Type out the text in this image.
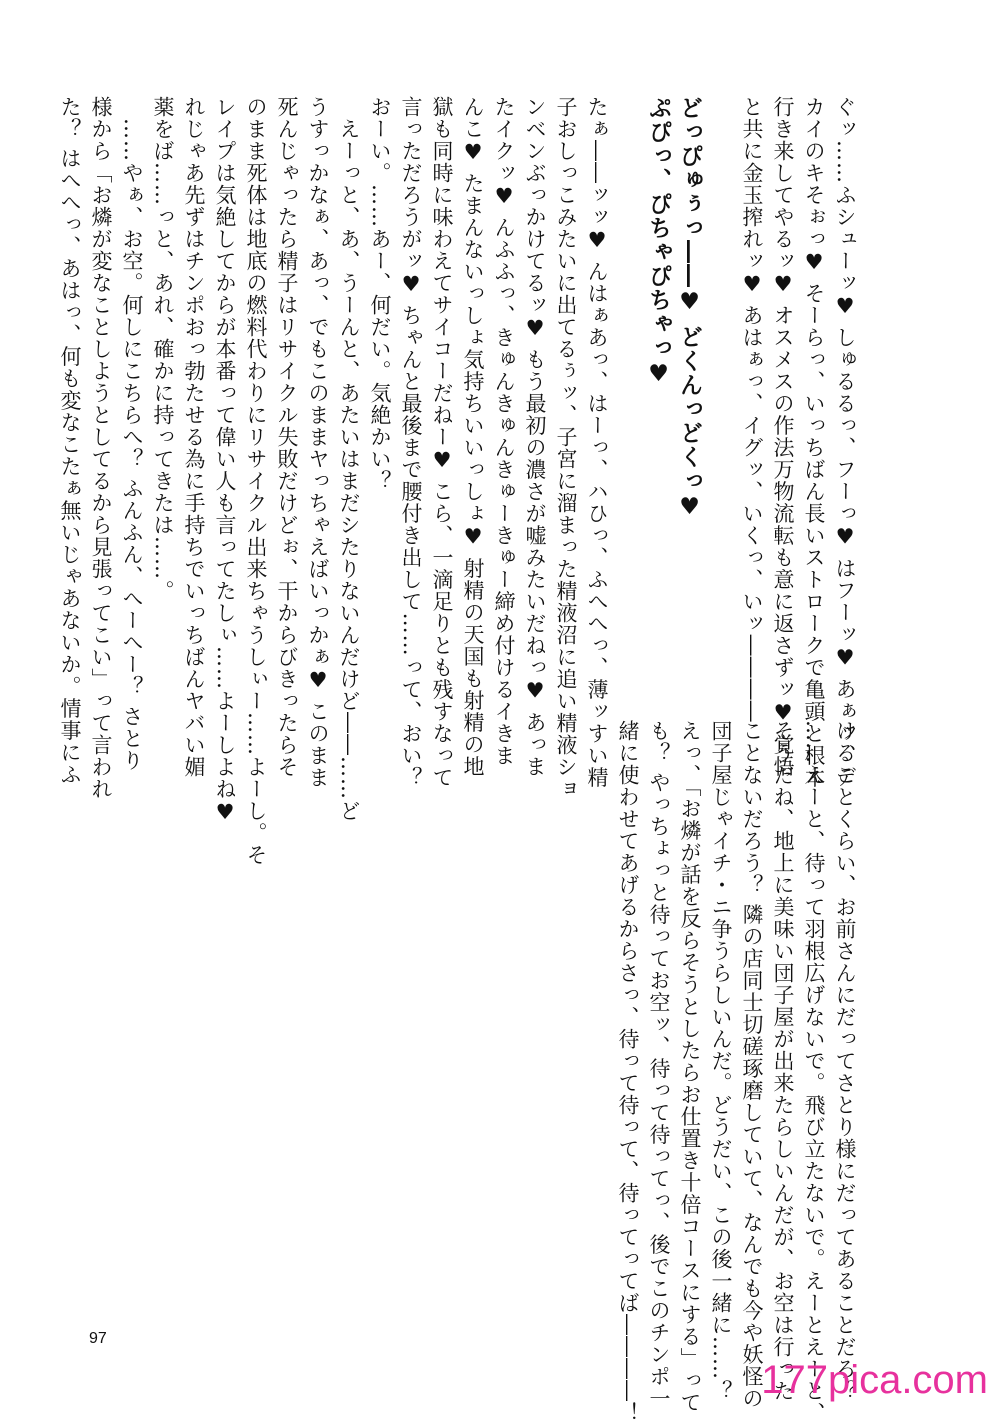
ぐッ……ふシューッ♥ しゅるるっ、フーっ♥ はフーッ♥ あぁッ、デ
カイのキそぉっ♥ そーらっ、いっちばん長いストロークで亀頭と根本
行き来してやるッ♥ オスメスの作法万物流転も意に返さずッ♥ 覚悟
と共に金玉搾れッ♥ あはぁっ、イグッ、いくっ、いッ――――

どっぴゅぅっ――♥ どくんっどくっ♥
ぷぴっ、ぴちゃぴちゃっ♥

たぁ――ッッ♥ んはぁあっ、はーっ、ハひっ、ふへへっ、薄ッすい精
子おしっこみたいに出てるぅッ、子宮に溜まった精液沼に追い精液ショ
ンベンぶっかけてるッ♥ もう最初の濃さが嘘みたいだねっ♥ あっま
たイクッ♥ んふふっ、きゅんきゅんきゅーきゅー締め付けるイきま
んこ♥ たまんないっしょ気持ちいいっしょ♥ 射精の天国も射精の地
獄も同時に味わえてサイコーだねー♥ こら、一滴足りとも残すなって
言っただろうがッ♥ ちゃんと最後まで腰付き出して……って、おい？
おーい。……あー、何だい。気絶かい？
　えーっと、あ、うーんと、あたいはまだシたりないんだけど――……ど
うすっかなぁ、あっ、でもこのままヤっちゃえばいっかぁ♥ このまま
死んじゃったら精子はリサイクル失敗だけどぉ、干からびきったらそ
のまま死体は地底の燃料代わりにリサイクル出来ちゃうしぃー……よーし。そ
レイプは気絶してからが本番って偉い人も言ってたしぃ……よーしよね♥
れじゃあ先ずはチンポおっ勃たせる為に手持ちでいっちばんヤバい媚
薬をば……っと、あれ、確かに持ってきたは……。
　……やぁ、お空。何しにこちらへ？ ふんふん、へーへー？ さとり
様から「お燐が変なことしようとしてるから見張ってこい」って言われ
た？ はへへっ、あはっ、何も変なこたぁ無いじゃあないか。情事にふ
けることくらい、お前さんにだってさとり様にだってあることだろ？
……えーと、待って羽根広げないで。飛び立たないで。えーとえーと、
そうだね、地上に美味い団子屋が出来たらしいんだが、お空は行った
ことないだろう？ 隣の店同士切磋琢磨していて、なんでも今や妖怪の
団子屋じゃイチ・ニ争うらしいんだ。どうだい、この後一緒に……？
えっ、「お燐が話を反らそうとしたらお仕置き十倍コースにする」って
も？ やっちょっと待ってお空ッ、待って待ってっ、後でこのチンポ一
緒に使わせてあげるからさっ、待って待って、待ってってば――――！
97
177pica.com
